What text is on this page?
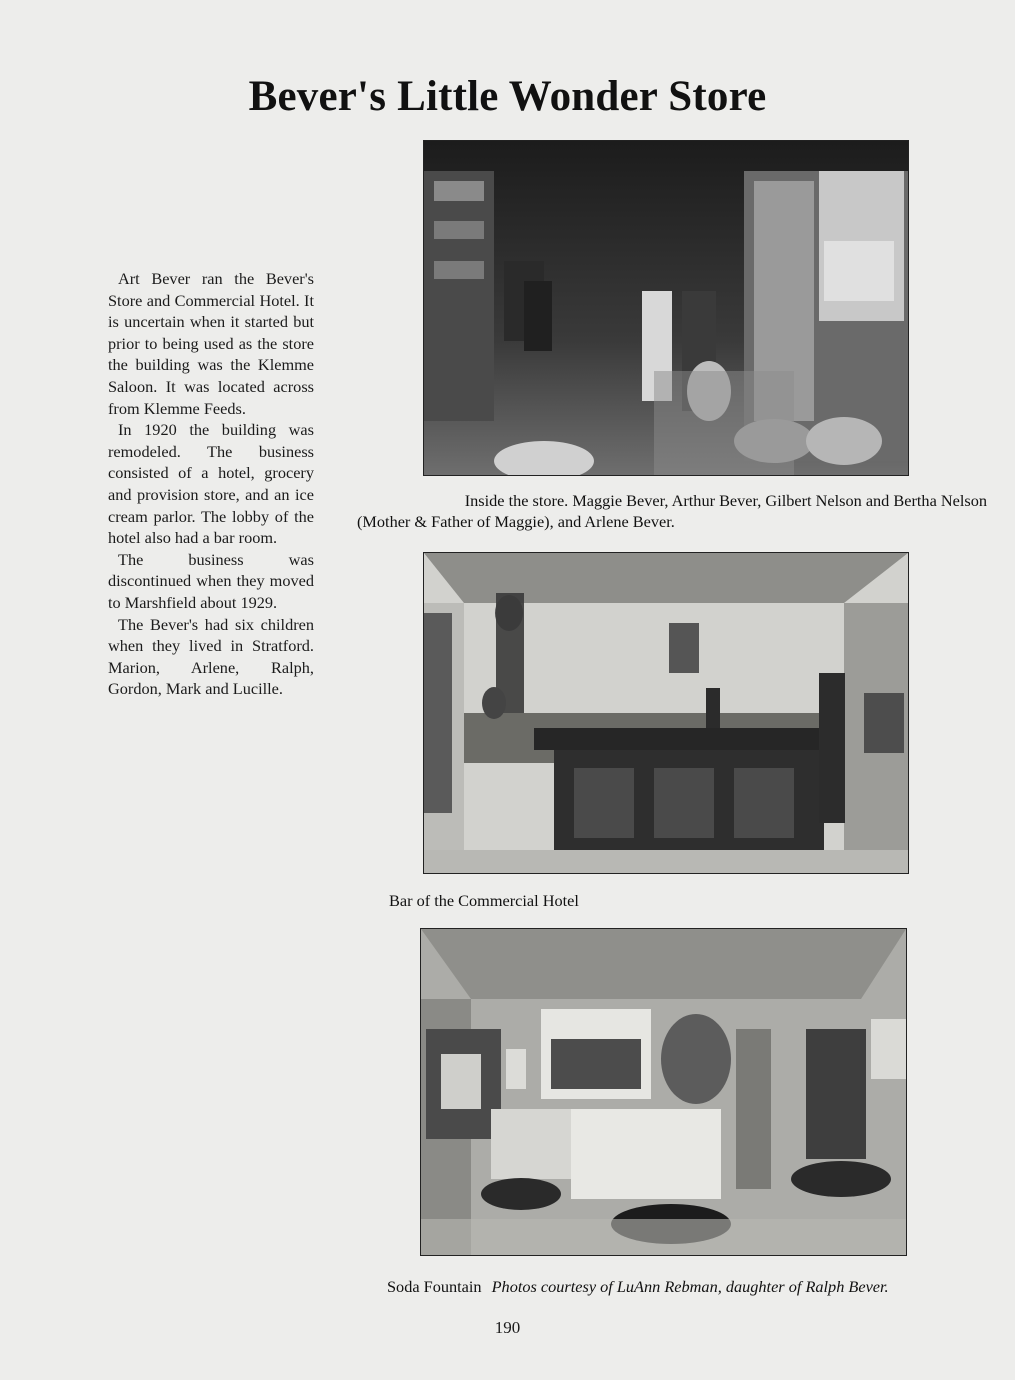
Bever's Little Wonder Store

Art Bever ran the Bever's Store and Commercial Hotel. It is uncertain when it started but prior to being used as the store the building was the Klemme Saloon. It was located across from Klemme Feeds.

In 1920 the building was remodeled. The business consisted of a hotel, grocery and provision store, and an ice cream parlor. The lobby of the hotel also had a bar room.

The business was discontinued when they moved to Marshfield about 1929.

The Bever's had six children when they lived in Stratford. Marion, Arlene, Ralph, Gordon, Mark and Lucille.

Inside the store. Maggie Bever, Arthur Bever, Gilbert Nelson and Bertha Nelson
(Mother & Father of Maggie), and Arlene Bever.
Bar of the Commercial Hotel
Soda Fountain Photos courtesy of LuAnn Rebman, daughter of Ralph Bever.
190
